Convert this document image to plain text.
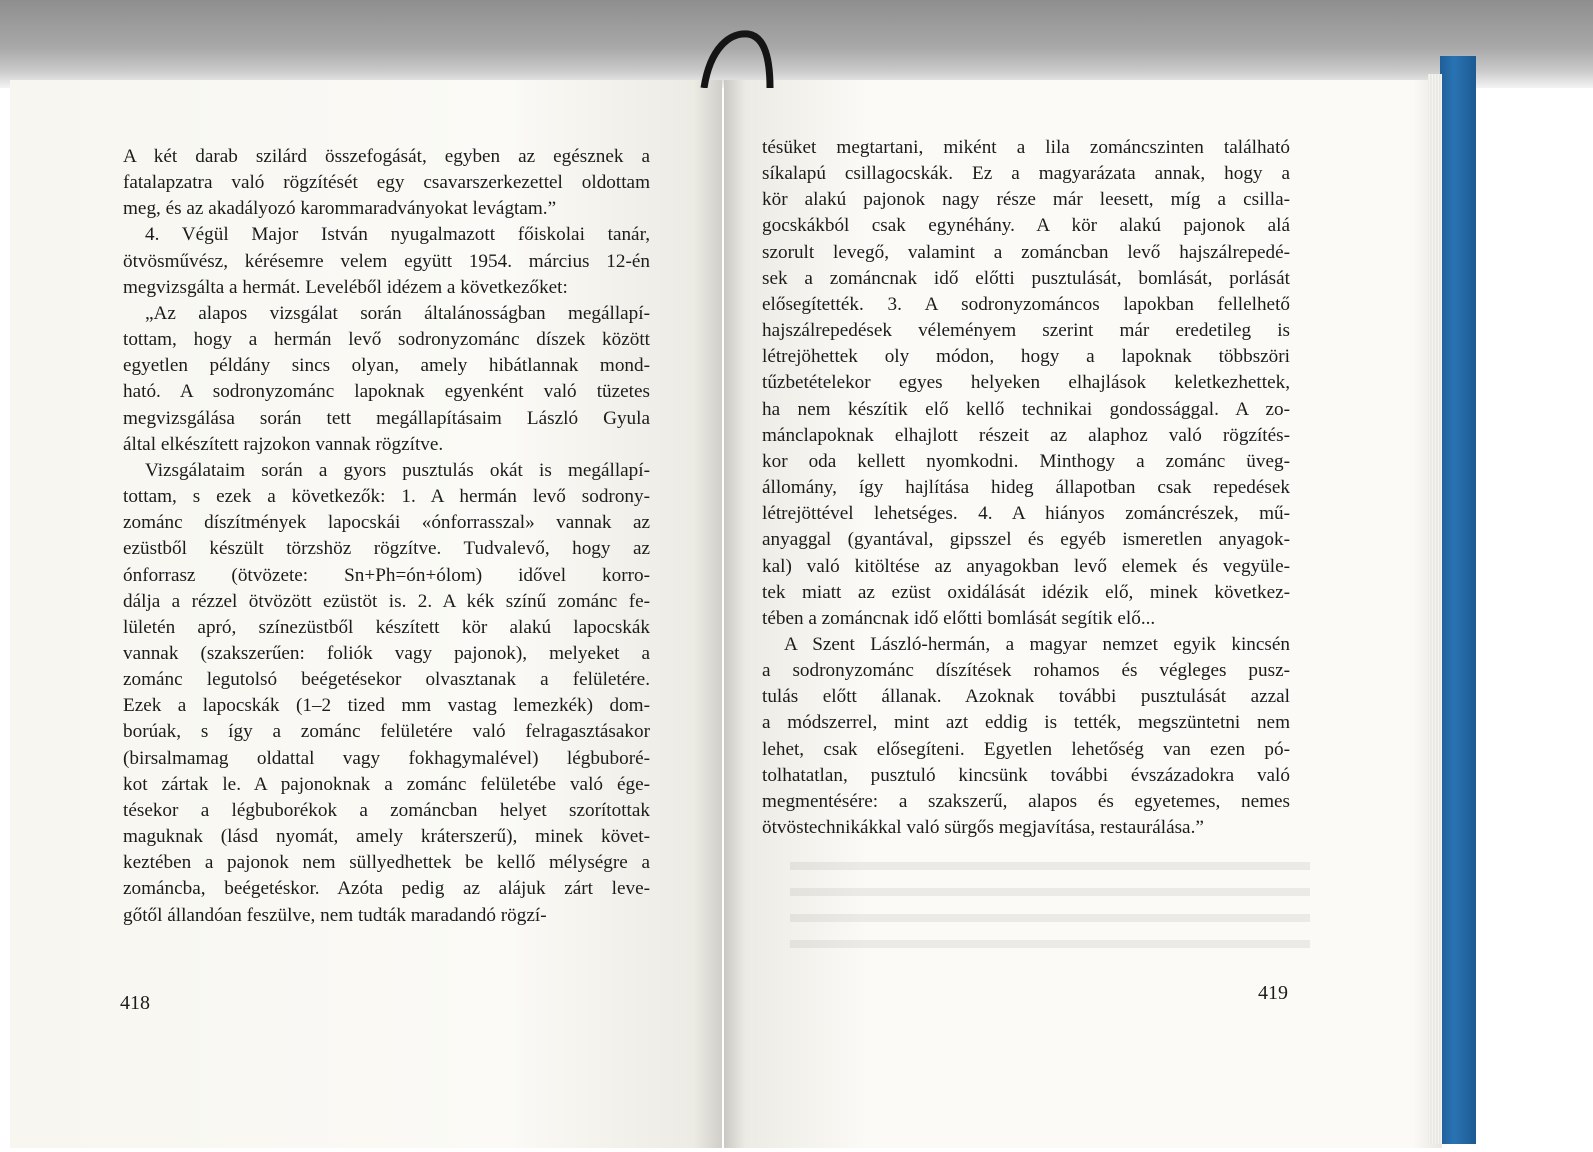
A két darab szilárd összefogását, egyben az egésznek a
fatalapzatra való rögzítését egy csavarszerkezettel oldottam
meg, és az akadályozó karommaradványokat levágtam.”
4. Végül Major István nyugalmazott főiskolai tanár,
ötvösművész, kérésemre velem együtt 1954. március 12-én
megvizsgálta a hermát. Leveléből idézem a következőket:
„Az alapos vizsgálat során általánosságban megállapí-
tottam, hogy a hermán levő sodronyzománc díszek között
egyetlen példány sincs olyan, amely hibátlannak mond-
ható. A sodronyzománc lapoknak egyenként való tüzetes
megvizsgálása során tett megállapításaim László Gyula
által elkészített rajzokon vannak rögzítve.
Vizsgálataim során a gyors pusztulás okát is megállapí-
tottam, s ezek a következők: 1. A hermán levő sodrony-
zománc díszítmények lapocskái «ónforrasszal» vannak az
ezüstből készült törzshöz rögzítve. Tudvalevő, hogy az
ónforrasz (ötvözete: Sn+Ph=ón+ólom) idővel korro-
dálja a rézzel ötvözött ezüstöt is. 2. A kék színű zománc fe-
lületén apró, színezüstből készített kör alakú lapocskák
vannak (szakszerűen: foliók vagy pajonok), melyeket a
zománc legutolsó beégetésekor olvasztanak a felületére.
Ezek a lapocskák (1–2 tized mm vastag lemezkék) dom-
borúak, s így a zománc felületére való felragasztásakor
(birsalmamag oldattal vagy fokhagymalével) légbuboré-
kot zártak le. A pajonoknak a zománc felületébe való ége-
tésekor a légbuborékok a zománcban helyet szorítottak
maguknak (lásd nyomát, amely kráterszerű), minek követ-
keztében a pajonok nem süllyedhettek be kellő mélységre a
zománcba, beégetéskor. Azóta pedig az alájuk zárt leve-
gőtől állandóan feszülve, nem tudták maradandó rögzí-
418
tésüket megtartani, miként a lila zománcszinten található
síkalapú csillagocskák. Ez a magyarázata annak, hogy a
kör alakú pajonok nagy része már leesett, míg a csilla-
gocskákból csak egynéhány. A kör alakú pajonok alá
szorult levegő, valamint a zománcban levő hajszálrepedé-
sek a zománcnak idő előtti pusztulását, bomlását, porlását
elősegítették. 3. A sodronyzománcos lapokban fellelhető
hajszálrepedések véleményem szerint már eredetileg is
létrejöhettek oly módon, hogy a lapoknak többszöri
tűzbetételekor egyes helyeken elhajlások keletkezhettek,
ha nem készítik elő kellő technikai gondossággal. A zo-
mánclapoknak elhajlott részeit az alaphoz való rögzítés-
kor oda kellett nyomkodni. Minthogy a zománc üveg-
állomány, így hajlítása hideg állapotban csak repedések
létrejöttével lehetséges. 4. A hiányos zománcrészek, mű-
anyaggal (gyantával, gipsszel és egyéb ismeretlen anyagok-
kal) való kitöltése az anyagokban levő elemek és vegyüle-
tek miatt az ezüst oxidálását idézik elő, minek következ-
tében a zománcnak idő előtti bomlását segítik elő...
A Szent László-hermán, a magyar nemzet egyik kincsén
a sodronyzománc díszítések rohamos és végleges pusz-
tulás előtt állanak. Azoknak további pusztulását azzal
a módszerrel, mint azt eddig is tették, megszüntetni nem
lehet, csak elősegíteni. Egyetlen lehetőség van ezen pó-
tolhatatlan, pusztuló kincsünk további évszázadokra való
megmentésére: a szakszerű, alapos és egyetemes, nemes
ötvöstechnikákkal való sürgős megjavítása, restaurálása.”
419
